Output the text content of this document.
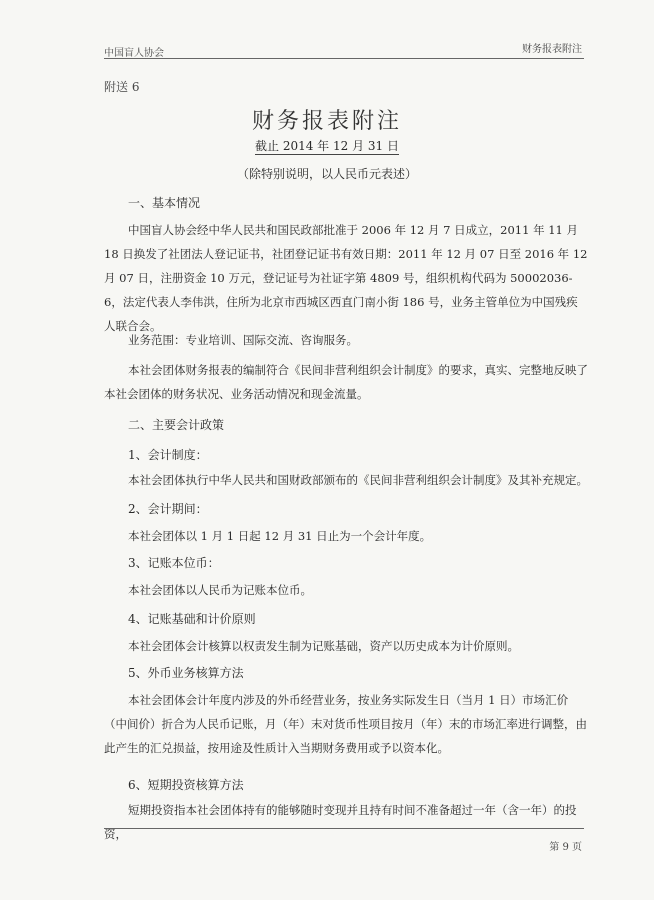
中国盲人协会	财务报表附注
附送 6
财务报表附注
截止 2014 年 12 月 31 日
（除特别说明，以人民币元表述）
一、基本情况
中国盲人协会经中华人民共和国民政部批准于 2006 年 12 月 7 日成立，2011 年 11 月 18 日换发了社团法人登记证书，社团登记证书有效日期：2011 年 12 月 07 日至 2016 年 12 月 07 日，注册资金 10 万元，登记证号为社证字第 4809 号，组织机构代码为 50002036-6，法定代表人李伟洪，住所为北京市西城区西直门南小街 186 号，业务主管单位为中国残疾人联合会。
业务范围：专业培训、国际交流、咨询服务。
本社会团体财务报表的编制符合《民间非营利组织会计制度》的要求，真实、完整地反映了本社会团体的财务状况、业务活动情况和现金流量。
二、主要会计政策
1、会计制度：
本社会团体执行中华人民共和国财政部颁布的《民间非营利组织会计制度》及其补充规定。
2、会计期间：
本社会团体以 1 月 1 日起 12 月 31 日止为一个会计年度。
3、记账本位币：
本社会团体以人民币为记账本位币。
4、记账基础和计价原则
本社会团体会计核算以权责发生制为记账基础，资产以历史成本为计价原则。
5、外币业务核算方法
本社会团体会计年度内涉及的外币经营业务，按业务实际发生日（当月 1 日）市场汇价（中间价）折合为人民币记账，月（年）末对货币性项目按月（年）末的市场汇率进行调整，由此产生的汇兑损益，按用途及性质计入当期财务费用或予以资本化。
6、短期投资核算方法
短期投资指本社会团体持有的能够随时变现并且持有时间不准备超过一年（含一年）的投资，
第 9 页
